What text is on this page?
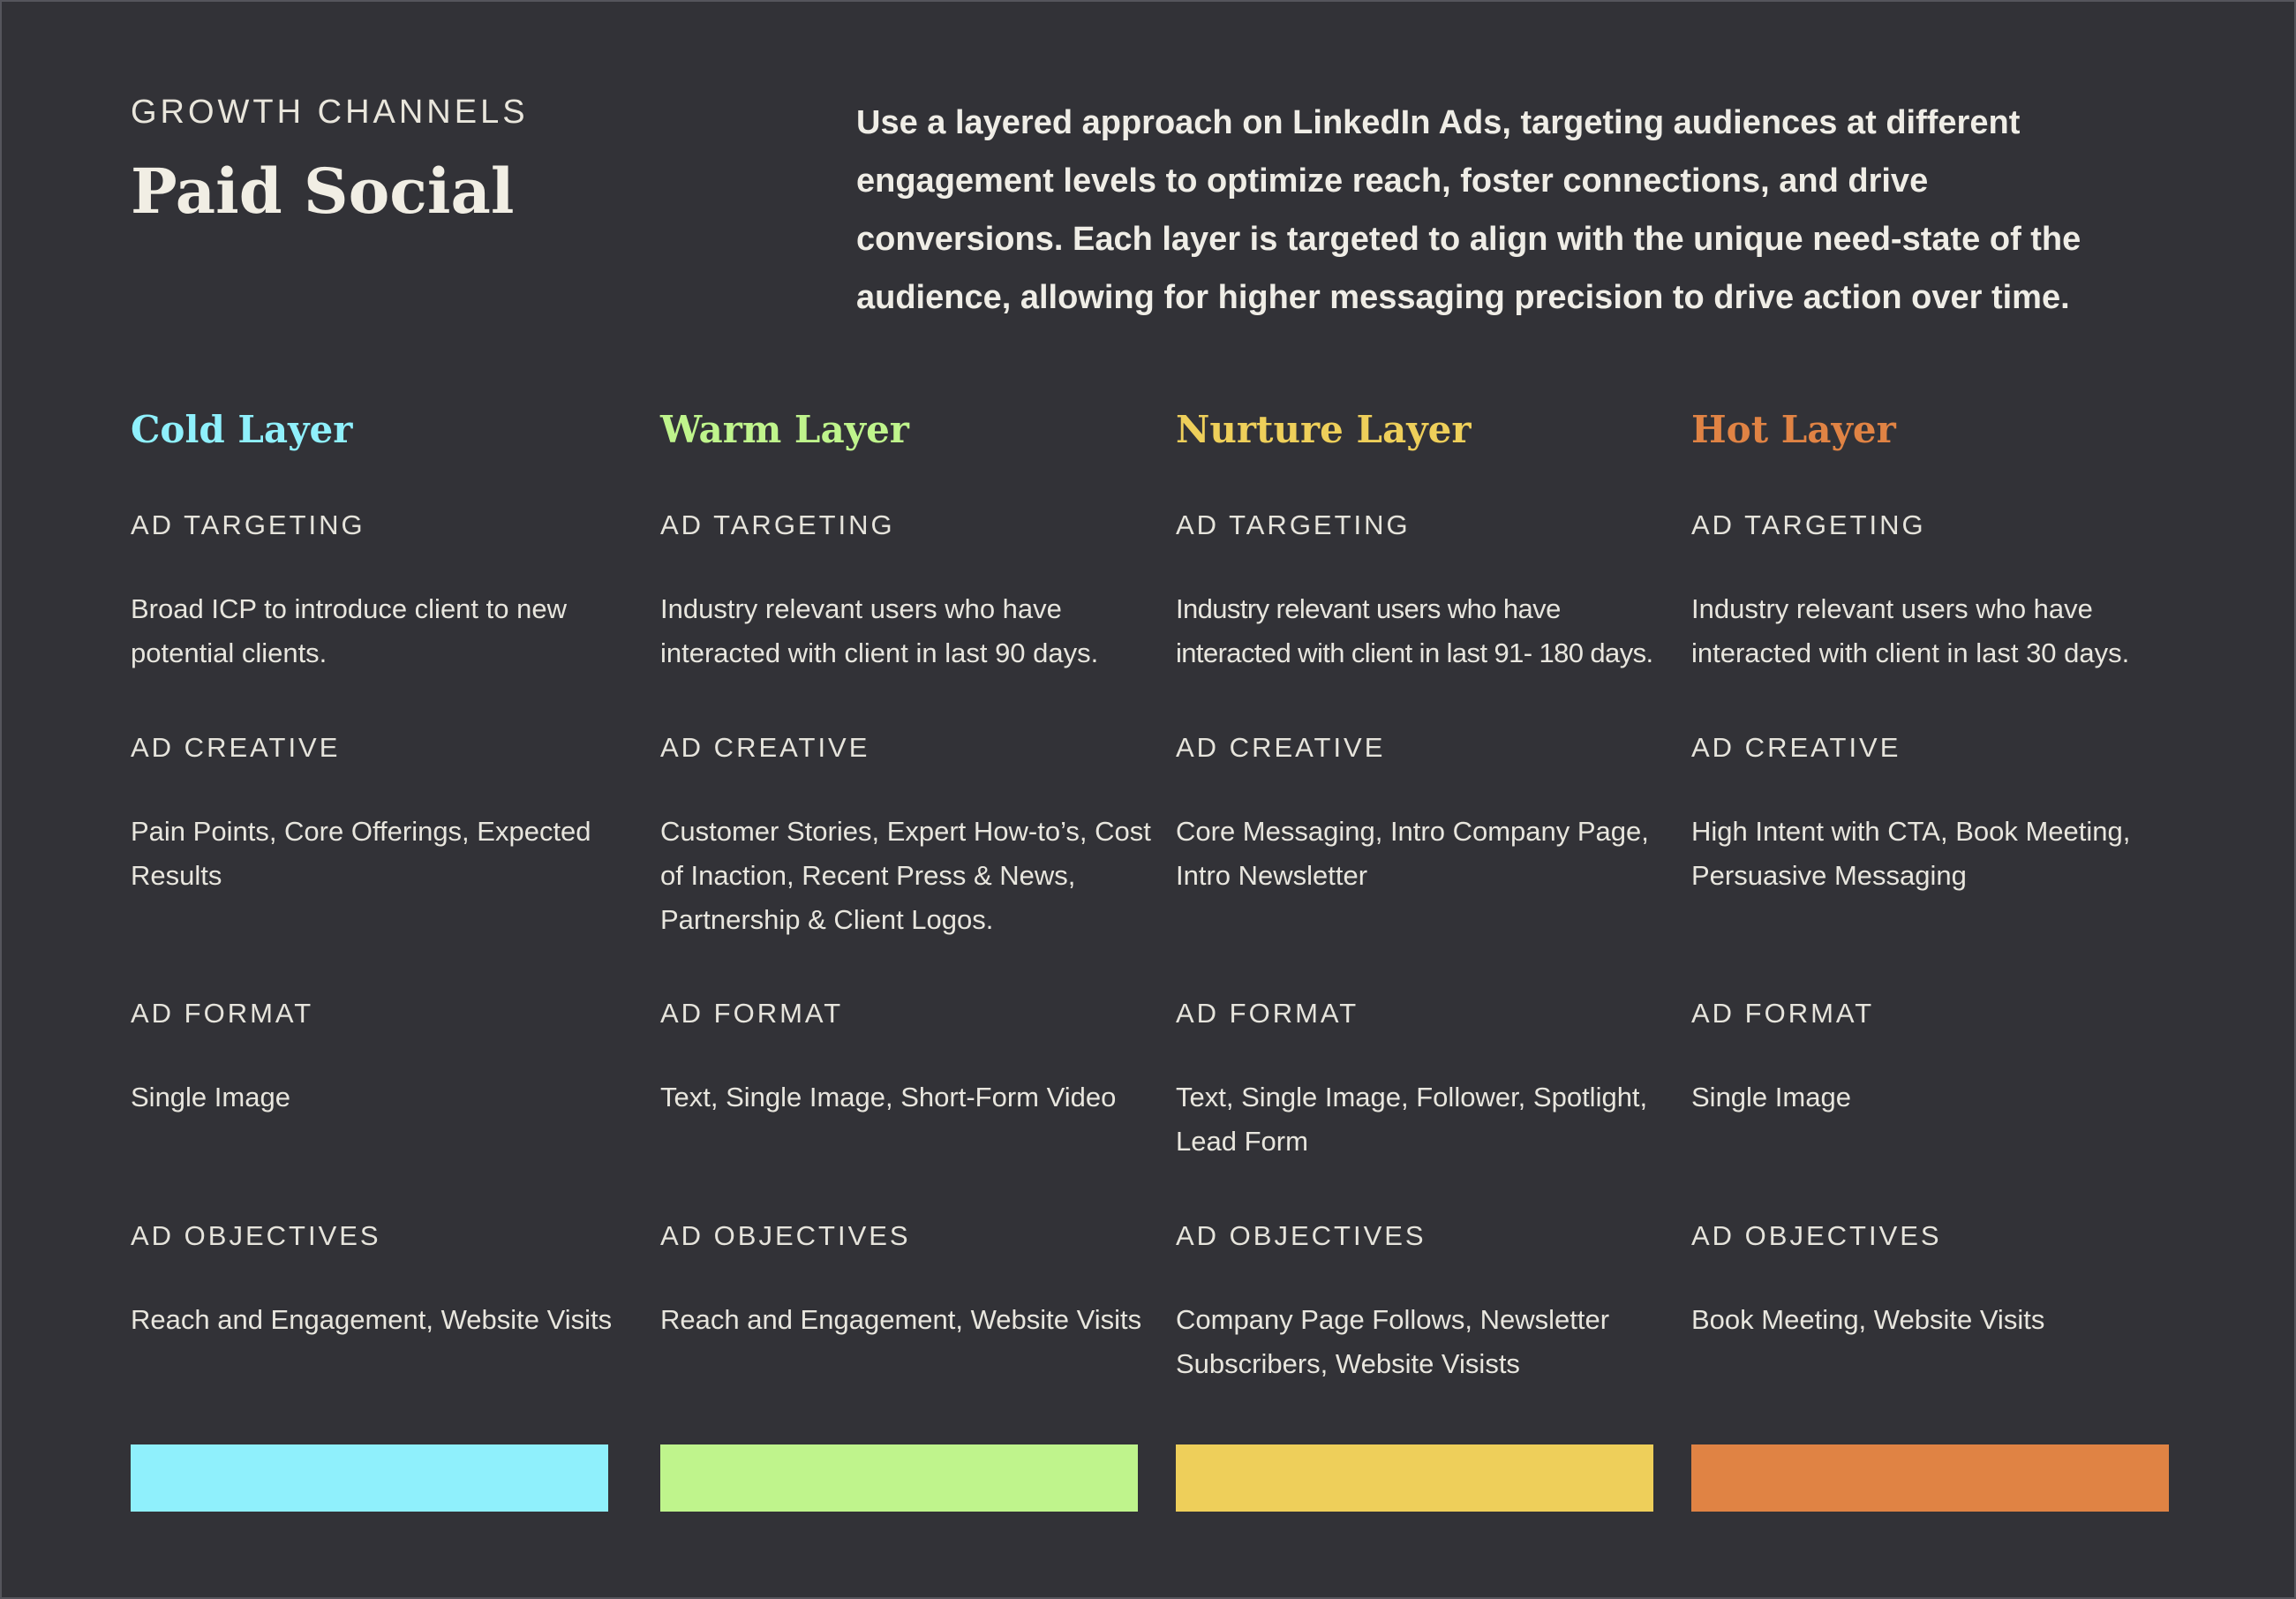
GROWTH CHANNELS
Paid Social
Use a layered approach on LinkedIn Ads, targeting audiences at different engagement levels to optimize reach, foster connections, and drive conversions. Each layer is targeted to align with the unique need-state of the audience, allowing for higher messaging precision to drive action over time.
Cold Layer
AD TARGETING
Broad ICP to introduce client to new potential clients.
AD CREATIVE
Pain Points, Core Offerings, Expected Results
AD FORMAT
Single Image
AD OBJECTIVES
Reach and Engagement, Website Visits
Warm Layer
AD TARGETING
Industry relevant users who have interacted with client in last 90 days.
AD CREATIVE
Customer Stories, Expert How-to’s, Cost of Inaction, Recent Press & News, Partnership & Client Logos.
AD FORMAT
Text, Single Image, Short-Form Video
AD OBJECTIVES
Reach and Engagement, Website Visits
Nurture Layer
AD TARGETING
Industry relevant users who have interacted with client in last 91- 180 days.
AD CREATIVE
Core Messaging, Intro Company Page, Intro Newsletter
AD FORMAT
Text, Single Image, Follower, Spotlight, Lead Form
AD OBJECTIVES
Company Page Follows, Newsletter Subscribers, Website Visists
Hot Layer
AD TARGETING
Industry relevant users who have interacted with client in last 30 days.
AD CREATIVE
High Intent with CTA, Book Meeting, Persuasive Messaging
AD FORMAT
Single Image
AD OBJECTIVES
Book Meeting, Website Visits
